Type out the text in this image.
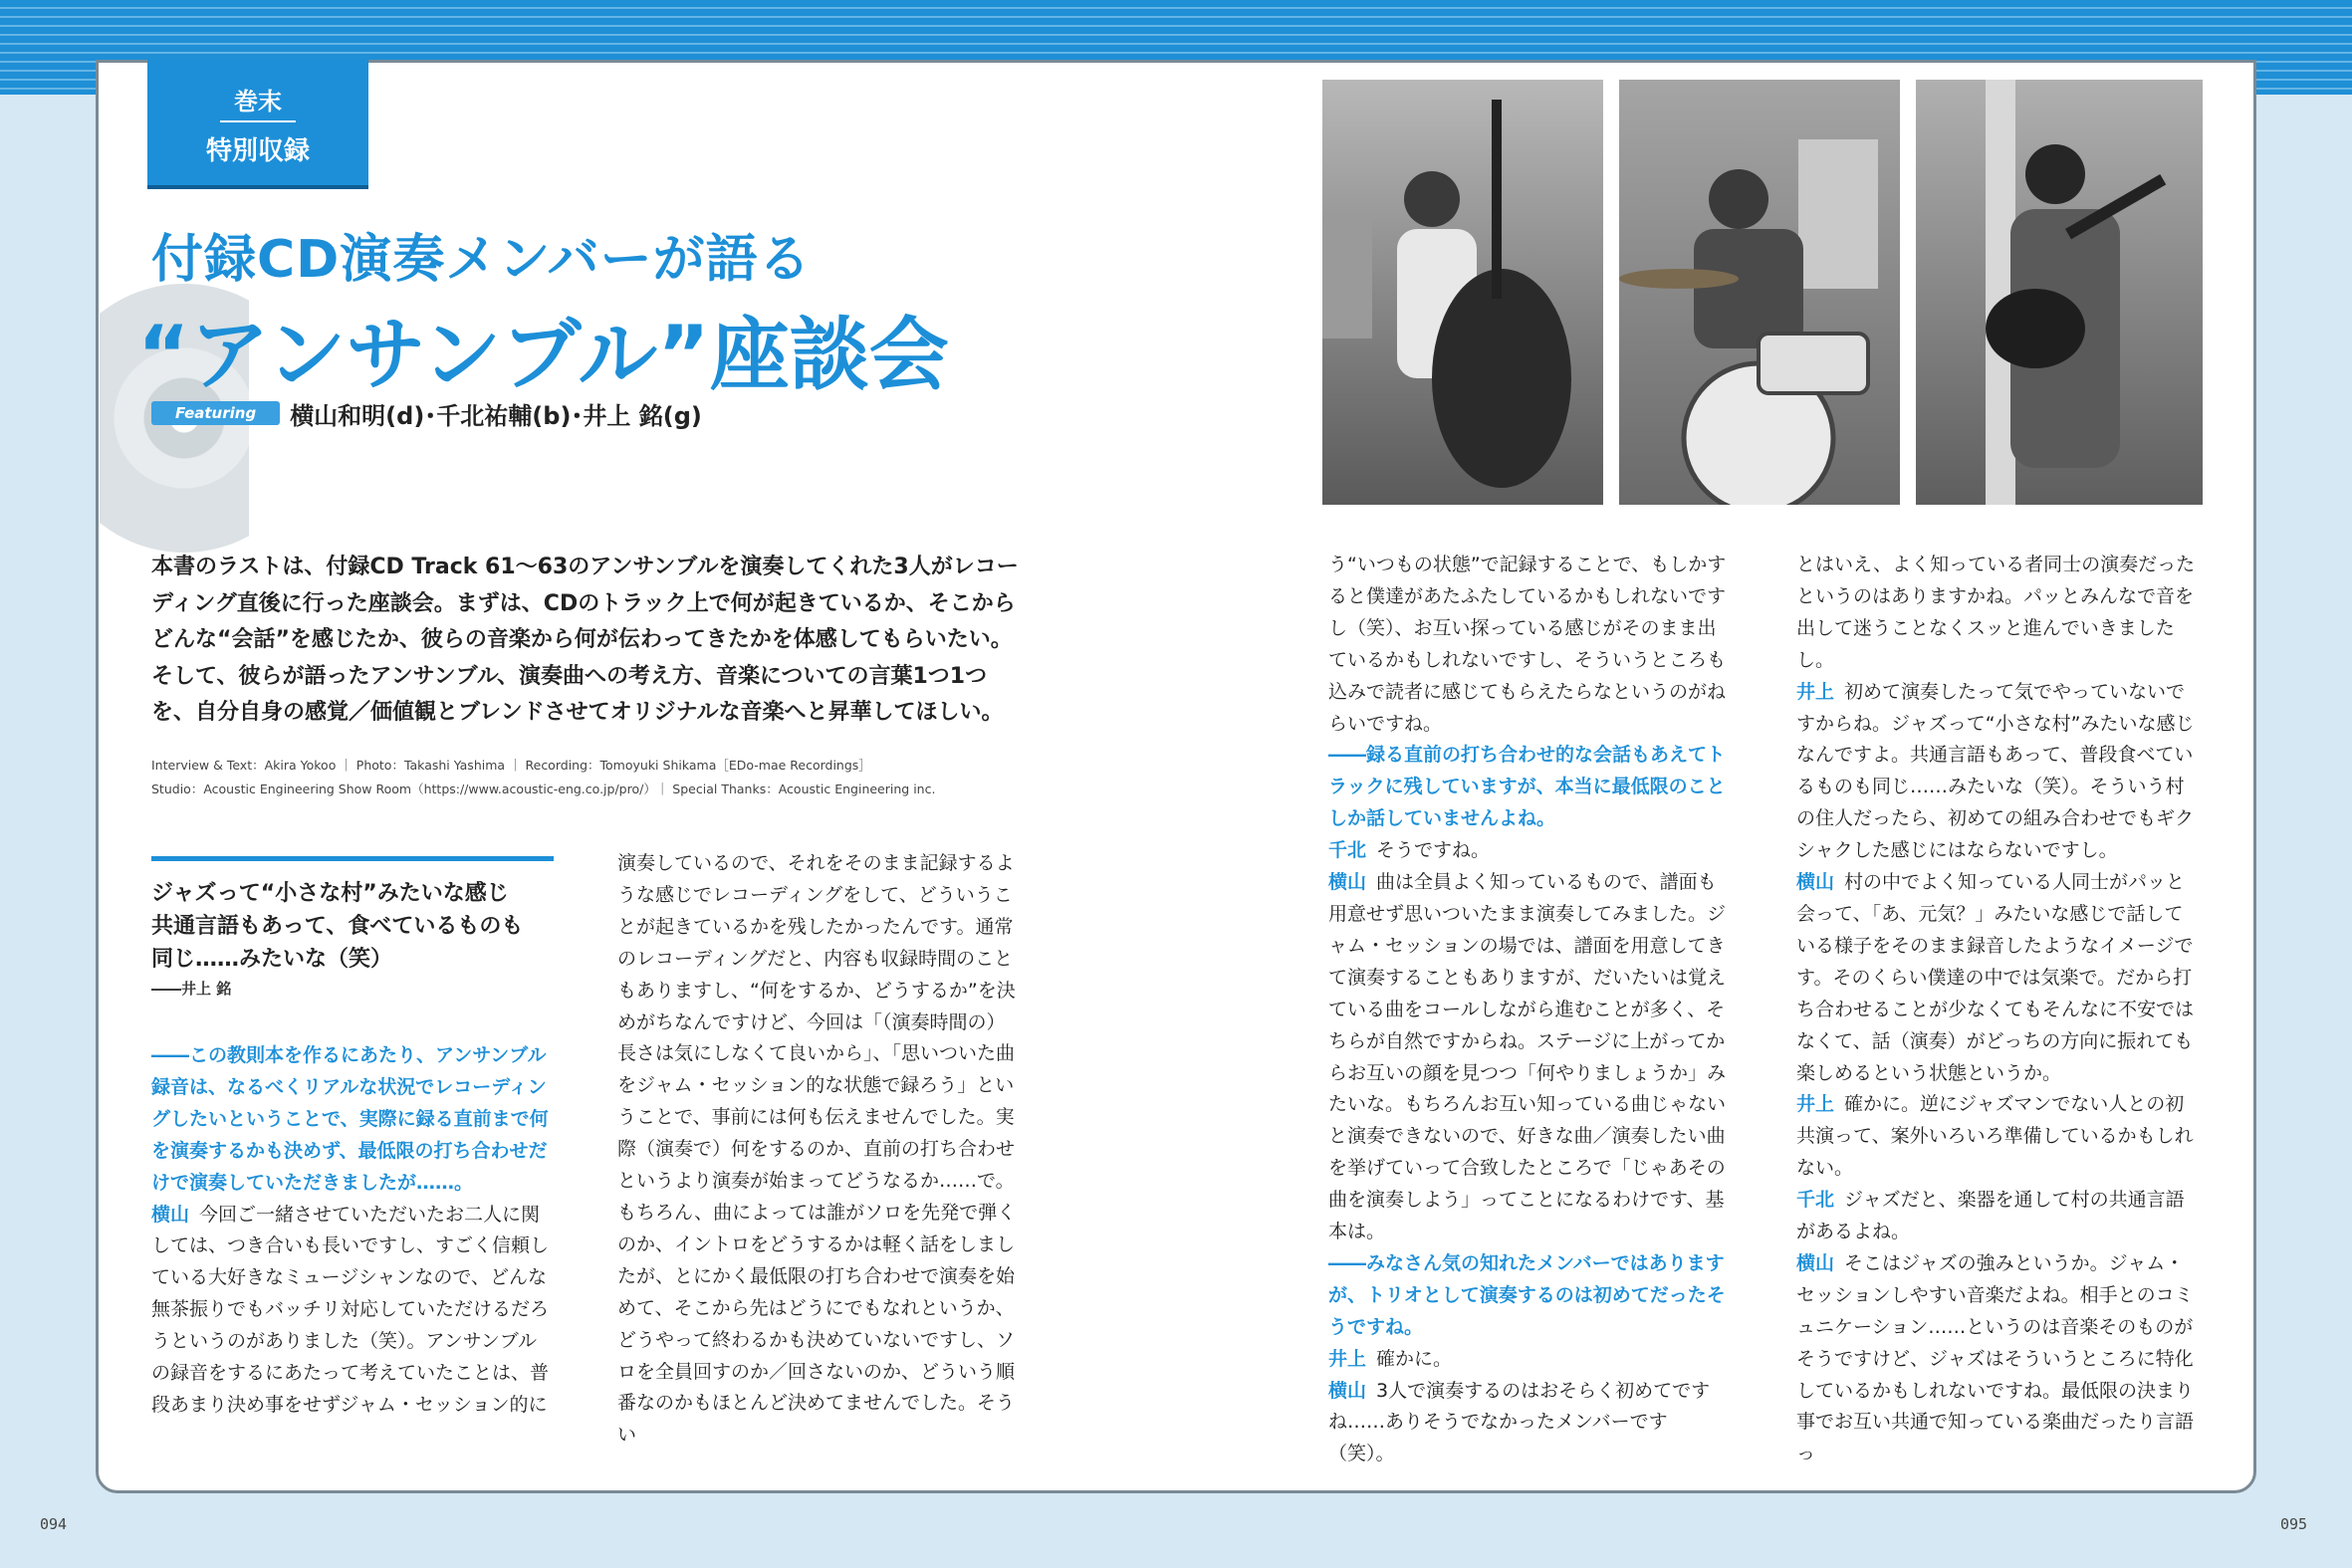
巻末
特別収録
付録CD演奏メンバーが語る
“アンサンブル”座談会
Featuring	横山和明(d)･千北祐輔(b)･井上 銘(g)
本書のラストは、付録CD Track 61～63のアンサンブルを演奏してくれた3人がレコーディング直後に行った座談会。まずは、CDのトラック上で何が起きているか、そこからどんな“会話”を感じたか、彼らの音楽から何が伝わってきたかを体感してもらいたい。そして、彼らが語ったアンサンブル、演奏曲への考え方、音楽についての言葉1つ1つを、自分自身の感覚／価値観とブレンドさせてオリジナルな音楽へと昇華してほしい。
Interview & Text：Akira Yokoo ｜ Photo：Takashi Yashima ｜ Recording：Tomoyuki Shikama［EDo-mae Recordings］
Studio：Acoustic Engineering Show Room（https://www.acoustic-eng.co.jp/pro/）｜ Special Thanks：Acoustic Engineering inc.
ジャズって“小さな村”みたいな感じ
共通言語もあって、食べているものも
同じ……みたいな（笑）
――井上 銘

――この教則本を作るにあたり、アンサンブル録音は、なるべくリアルな状況でレコーディングしたいということで、実際に録る直前まで何を演奏するかも決めず、最低限の打ち合わせだけで演奏していただきましたが……。

横山 今回ご一緒させていただいたお二人に関しては、つき合いも長いですし、すごく信頼している大好きなミュージシャンなので、どんな無茶振りでもバッチリ対応していただけるだろうというのがありました（笑）。アンサンブルの録音をするにあたって考えていたことは、普段あまり決め事をせずジャム・セッション的に

演奏しているので、それをそのまま記録するような感じでレコーディングをして、どういうことが起きているかを残したかったんです。通常のレコーディングだと、内容も収録時間のこともありますし、“何をするか、どうするか”を決めがちなんですけど、今回は「（演奏時間の）長さは気にしなくて良いから」、「思いついた曲をジャム・セッション的な状態で録ろう」ということで、事前には何も伝えませんでした。実際（演奏で）何をするのか、直前の打ち合わせというより演奏が始まってどうなるか……で。もちろん、曲によっては誰がソロを先発で弾くのか、イントロをどうするかは軽く話をしましたが、とにかく最低限の打ち合わせで演奏を始めて、そこから先はどうにでもなれというか、どうやって終わるかも決めていないですし、ソロを全員回すのか／回さないのか、どういう順番なのかもほとんど決めてませんでした。そうい

う“いつもの状態”で記録することで、もしかすると僕達があたふたしているかもしれないですし（笑）、お互い探っている感じがそのまま出ているかもしれないですし、そういうところも込みで読者に感じてもらえたらなというのがねらいですね。

――録る直前の打ち合わせ的な会話もあえてトラックに残していますが、本当に最低限のことしか話していませんよね。

千北 そうですね。

横山 曲は全員よく知っているもので、譜面も用意せず思いついたまま演奏してみました。ジャム・セッションの場では、譜面を用意してきて演奏することもありますが、だいたいは覚えている曲をコールしながら進むことが多く、そちらが自然ですからね。ステージに上がってからお互いの顔を見つつ「何やりましょうか」みたいな。もちろんお互い知っている曲じゃないと演奏できないので、好きな曲／演奏したい曲を挙げていって合致したところで「じゃあその曲を演奏しよう」ってことになるわけです、基本は。

――みなさん気の知れたメンバーではありますが、トリオとして演奏するのは初めてだったそうですね。

井上 確かに。

横山 3人で演奏するのはおそらく初めてですね……ありそうでなかったメンバーです（笑）。

とはいえ、よく知っている者同士の演奏だったというのはありますかね。パッとみんなで音を出して迷うことなくスッと進んでいきましたし。

井上 初めて演奏したって気でやっていないですからね。ジャズって“小さな村”みたいな感じなんですよ。共通言語もあって、普段食べているものも同じ……みたいな（笑）。そういう村の住人だったら、初めての組み合わせでもギクシャクした感じにはならないですし。

横山 村の中でよく知っている人同士がパッと会って、「あ、元気？」みたいな感じで話している様子をそのまま録音したようなイメージです。そのくらい僕達の中では気楽で。だから打ち合わせることが少なくてもそんなに不安ではなくて、話（演奏）がどっちの方向に振れても楽しめるという状態というか。

井上 確かに。逆にジャズマンでない人との初共演って、案外いろいろ準備しているかもしれない。

千北 ジャズだと、楽器を通して村の共通言語があるよね。

横山 そこはジャズの強みというか。ジャム・セッションしやすい音楽だよね。相手とのコミュニケーション……というのは音楽そのものがそうですけど、ジャズはそういうところに特化しているかもしれないですね。最低限の決まり事でお互い共通で知っている楽曲だったり言語っ

094	095
